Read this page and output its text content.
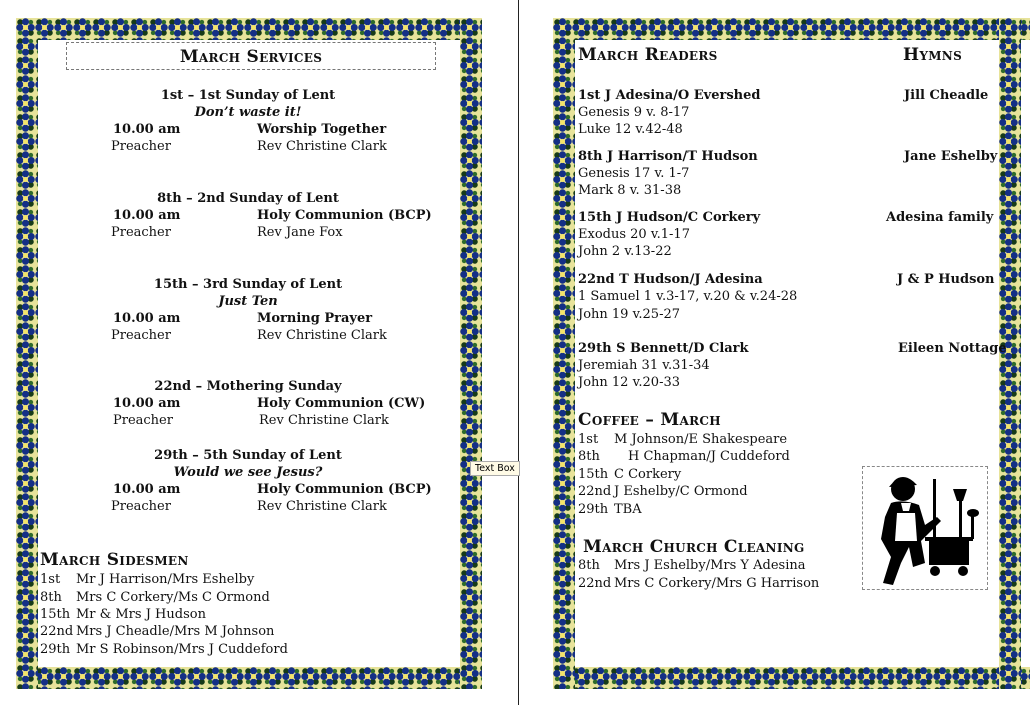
March Services
1st – 1st Sunday of Lent
Don’t waste it!
10.00 am	Worship Together
Preacher	Rev Christine Clark
8th – 2nd Sunday of Lent
10.00 am	Holy Communion (BCP)
Preacher	Rev Jane Fox
15th – 3rd Sunday of Lent
Just Ten
10.00 am	Morning Prayer
Preacher	Rev Christine Clark
22nd – Mothering Sunday
10.00 am	Holy Communion (CW)
Preacher	Rev Christine Clark
29th – 5th Sunday of Lent
Would we see Jesus?
10.00 am	Holy Communion (BCP)
Preacher	Rev Christine Clark
March Sidesmen
1st Mr J Harrison/Mrs Eshelby
8th Mrs C Corkery/Ms C Ormond
15th Mr & Mrs J Hudson
22nd Mrs J Cheadle/Mrs M Johnson
29th Mr S Robinson/Mrs J Cuddeford
Text Box
March Readers	Hymns
1st J Adesina/O Evershed	Jill Cheadle
Genesis 9 v. 8-17
Luke 12 v.42-48
8th J Harrison/T Hudson	Jane Eshelby
Genesis 17 v. 1-7
Mark 8 v. 31-38
15th J Hudson/C Corkery	Adesina family
Exodus 20 v.1-17
John 2 v.13-22
22nd T Hudson/J Adesina	J & P Hudson
1 Samuel 1 v.3-17, v.20 & v.24-28
John 19 v.25-27
29th S Bennett/D Clark	Eileen Nottage
Jeremiah 31 v.31-34
John 12 v.20-33
Coffee – March
1st M Johnson/E Shakespeare
8th H Chapman/J Cuddeford
15th C Corkery
22nd J Eshelby/C Ormond
29th TBA
March Church Cleaning
8th Mrs J Eshelby/Mrs Y Adesina
22nd Mrs C Corkery/Mrs G Harrison
